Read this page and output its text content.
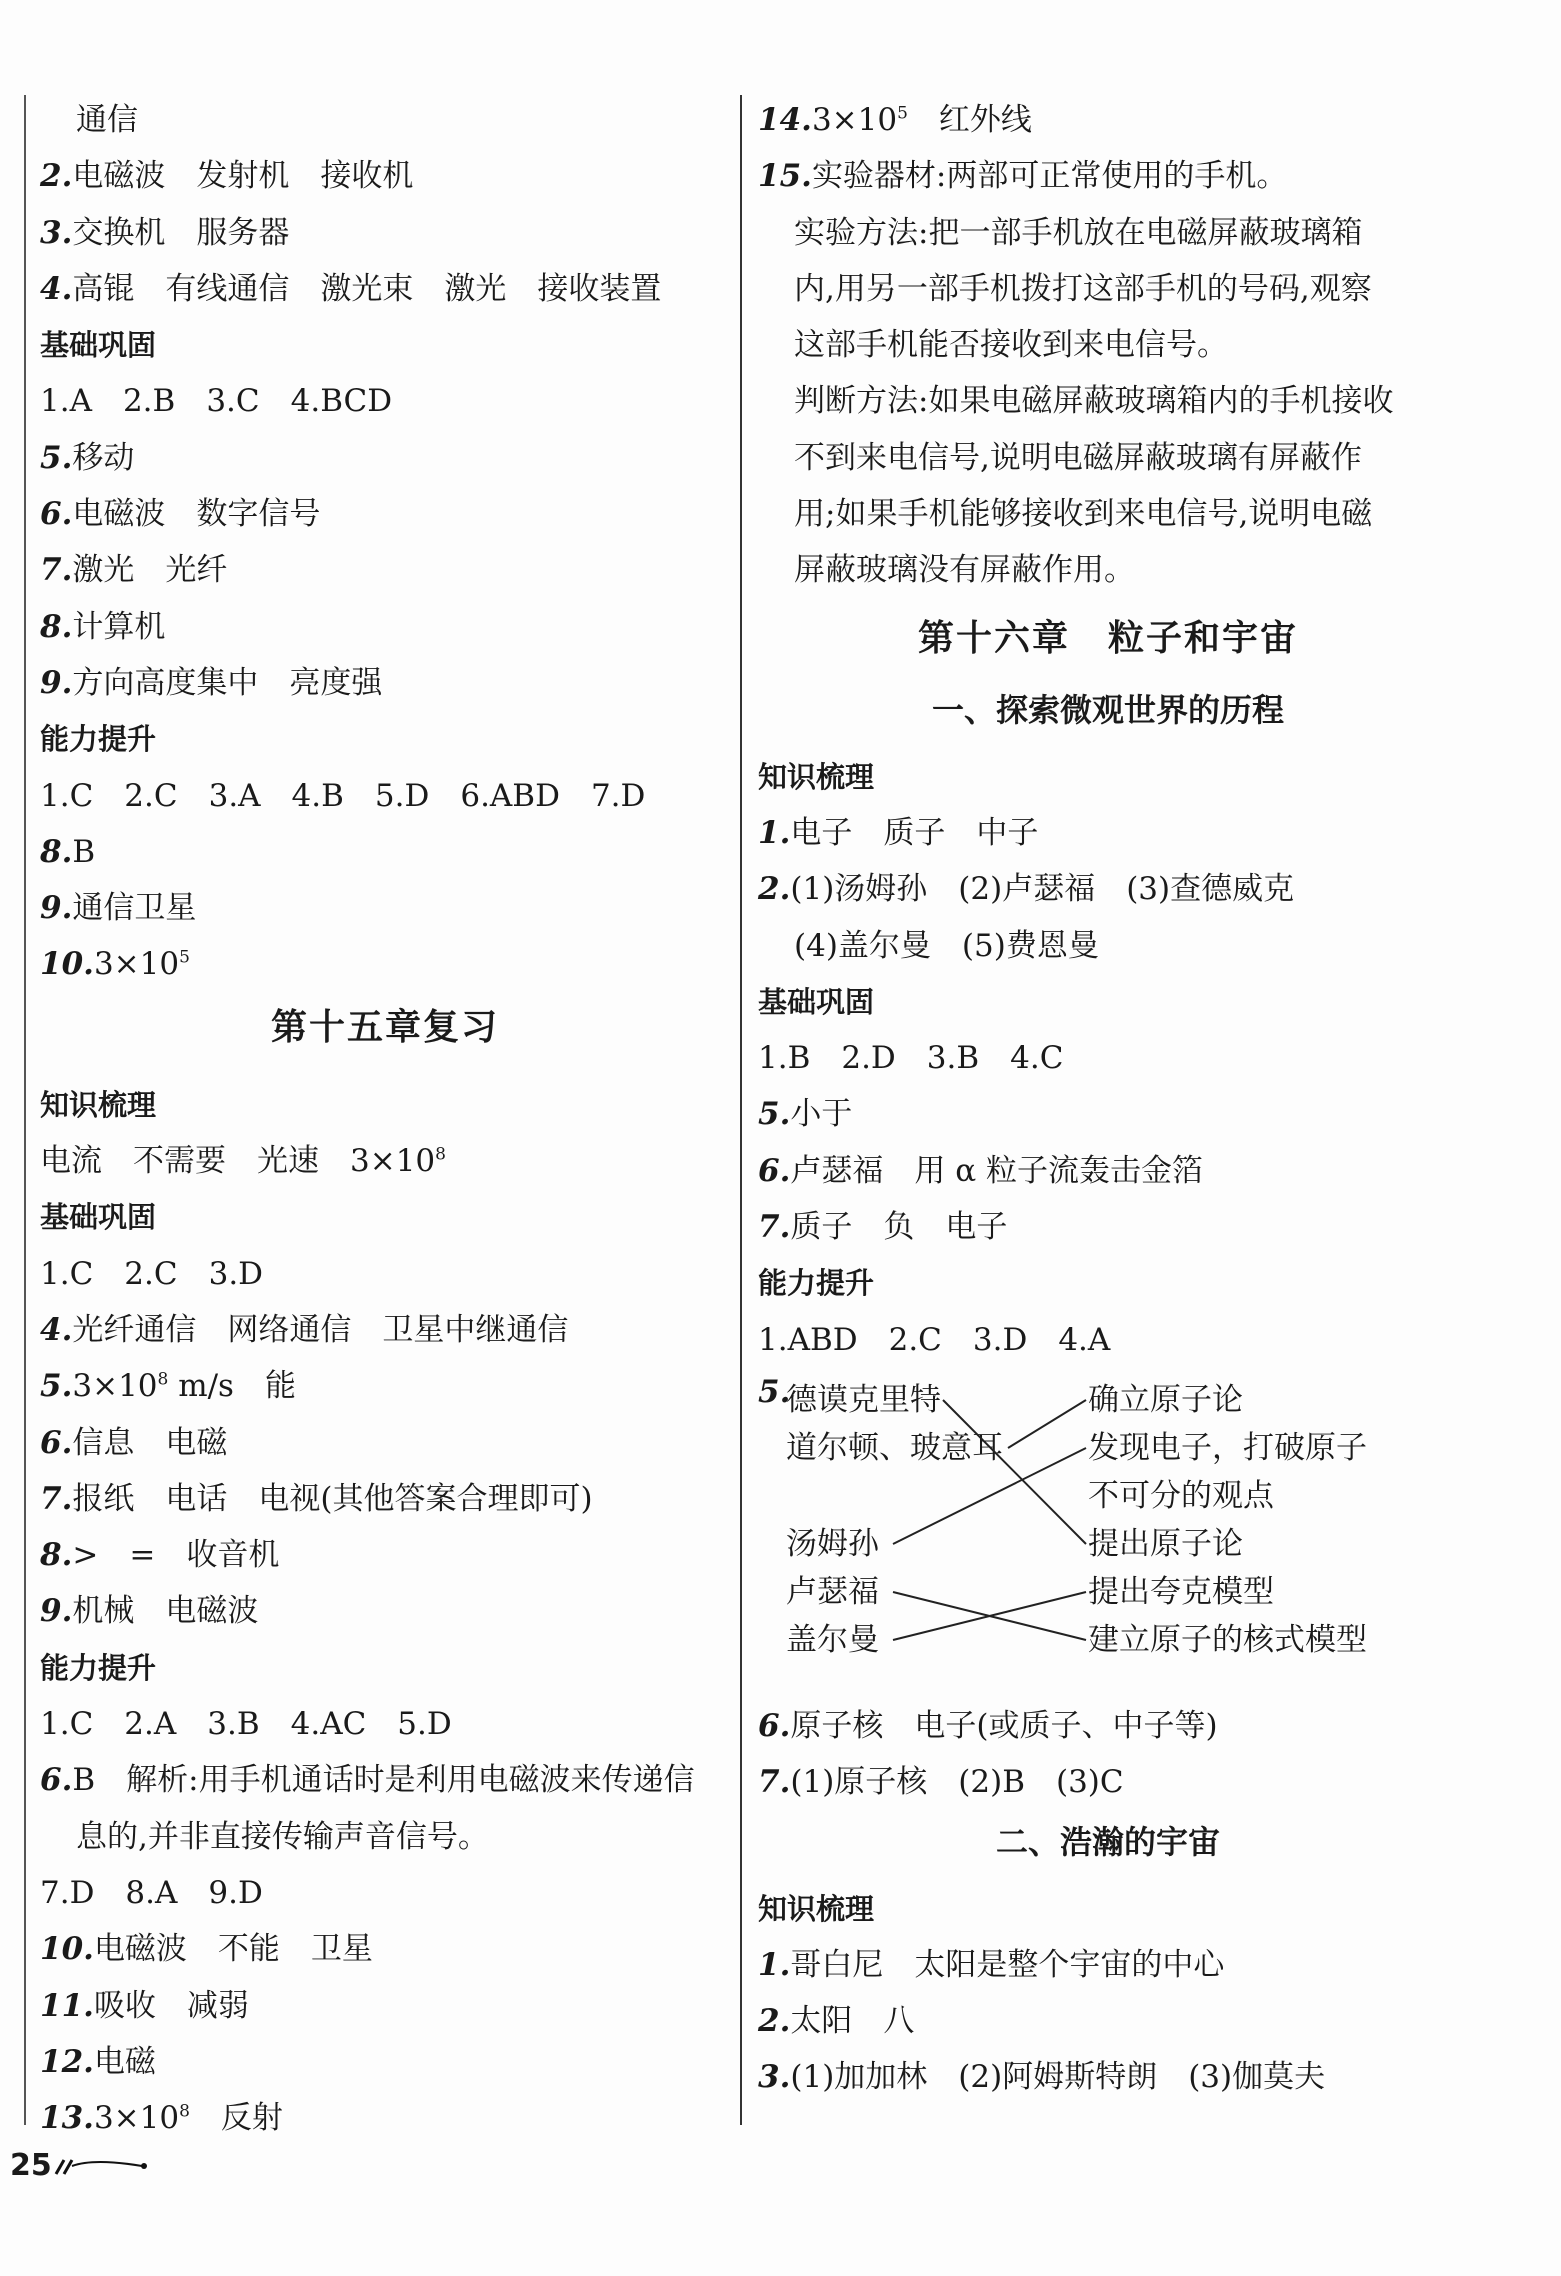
通信
2.电磁波　发射机　接收机
3.交换机　服务器
4.高锟　有线通信　激光束　激光　接收装置
基础巩固
1.A　2.B　3.C　4.BCD
5.移动
6.电磁波　数字信号
7.激光　光纤
8.计算机
9.方向高度集中　亮度强
能力提升
1.C　2.C　3.A　4.B　5.D　6.ABD　7.D
8.B
9.通信卫星
$10.3\times 10^5$
第十五章复习
知识梳理
电流　不需要　光速　$3\times 10^8$
基础巩固
1.C　2.C　3.D
4.光纤通信　网络通信　卫星中继通信
$5.3\times 10^8$ m/s　能
6.信息　电磁
7.报纸　电话　电视(其他答案合理即可)
8.>　=　收音机
9.机械　电磁波
能力提升
1.C　2.A　3.B　4.AC　5.D
6.B　解析:用手机通话时是利用电磁波来传递信
息的,并非直接传输声音信号。
7.D　8.A　9.D
10.电磁波　不能　卫星
11.吸收　减弱
12.电磁
$13.3\times 10^8$　反射
$14.3\times 10^5$　红外线
15.实验器材:两部可正常使用的手机。
实验方法:把一部手机放在电磁屏蔽玻璃箱
内,用另一部手机拨打这部手机的号码,观察
这部手机能否接收到来电信号。
判断方法:如果电磁屏蔽玻璃箱内的手机接收
不到来电信号,说明电磁屏蔽玻璃有屏蔽作
用;如果手机能够接收到来电信号,说明电磁
屏蔽玻璃没有屏蔽作用。
第十六章　粒子和宇宙
一、探索微观世界的历程
知识梳理
1.电子　质子　中子
2.(1)汤姆孙　(2)卢瑟福　(3)查德威克
(4)盖尔曼　(5)费恩曼
基础巩固
1.B　2.D　3.B　4.C
5.小于
6.卢瑟福　用 α 粒子流轰击金箔
7.质子　负　电子
能力提升
1.ABD　2.C　3.D　4.A
5.
德谟克里特
道尔顿、玻意耳
汤姆孙
卢瑟福
盖尔曼
确立原子论
发现电子，打破原子
不可分的观点
提出原子论
提出夸克模型
建立原子的核式模型
6.原子核　电子(或质子、中子等)
7.(1)原子核　(2)B　(3)C
二、浩瀚的宇宙
知识梳理
1.哥白尼　太阳是整个宇宙的中心
2.太阳　八
3.(1)加加林　(2)阿姆斯特朗　(3)伽莫夫
25
